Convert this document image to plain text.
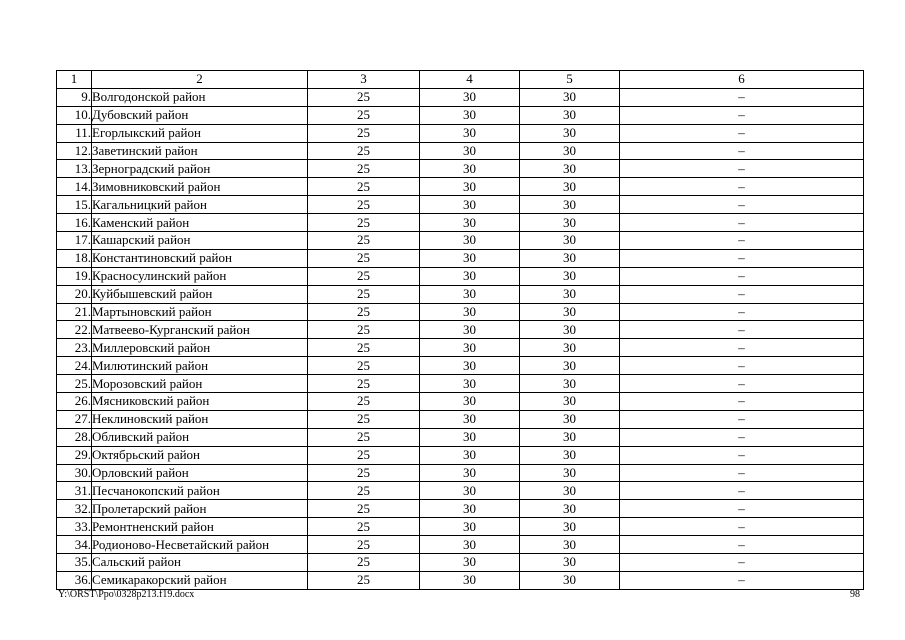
1	2	3	4	5	6
9.	Волгодонской район	25	30	30	–
10.	Дубовский район	25	30	30	–
11.	Егорлыкский район	25	30	30	–
12.	Заветинский район	25	30	30	–
13.	Зерноградский район	25	30	30	–
14.	Зимовниковский район	25	30	30	–
15.	Кагальницкий район	25	30	30	–
16.	Каменский район	25	30	30	–
17.	Кашарский район	25	30	30	–
18.	Константиновский район	25	30	30	–
19.	Красносулинский район	25	30	30	–
20.	Куйбышевский район	25	30	30	–
21.	Мартыновский район	25	30	30	–
22.	Матвеево-Курганский район	25	30	30	–
23.	Миллеровский район	25	30	30	–
24.	Милютинский район	25	30	30	–
25.	Морозовский район	25	30	30	–
26.	Мясниковский район	25	30	30	–
27.	Неклиновский район	25	30	30	–
28.	Обливский район	25	30	30	–
29.	Октябрьский район	25	30	30	–
30.	Орловский район	25	30	30	–
31.	Песчанокопский район	25	30	30	–
32.	Пролетарский район	25	30	30	–
33.	Ремонтненский район	25	30	30	–
34.	Родионово-Несветайский район	25	30	30	–
35.	Сальский район	25	30	30	–
36.	Семикаракорский район	25	30	30	–
Y:\ORST\Ppo\0328p213.f19.docx	98
